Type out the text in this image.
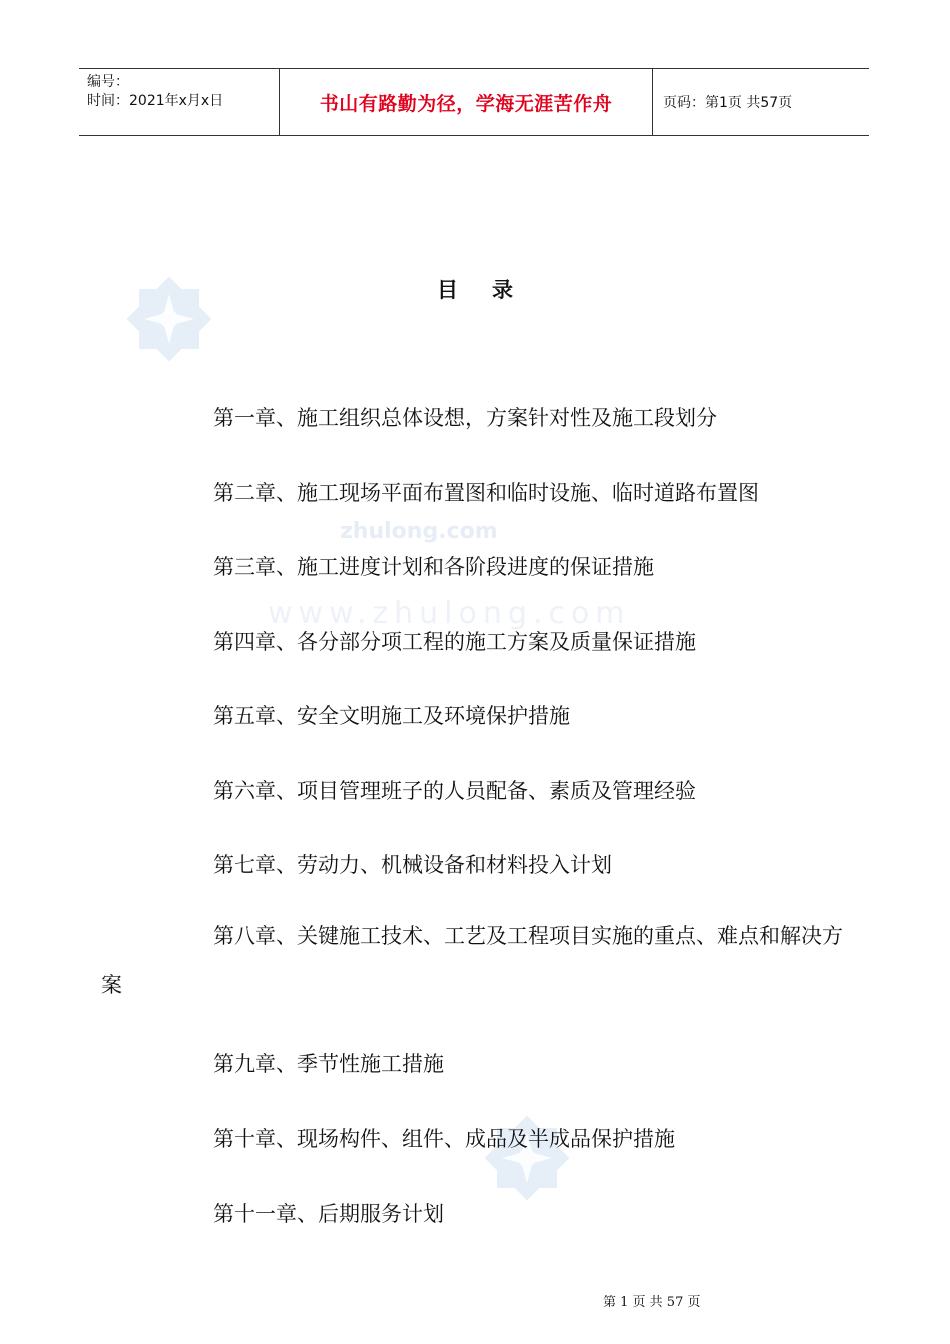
编号：
时间：2021年x月x日	书山有路勤为径，学海无涯苦作舟	页码：第1页 共57页
zhulong.com
www.zhulong.com
目录
第一章、施工组织总体设想，方案针对性及施工段划分
第二章、施工现场平面布置图和临时设施、临时道路布置图
第三章、施工进度计划和各阶段进度的保证措施
第四章、各分部分项工程的施工方案及质量保证措施
第五章、安全文明施工及环境保护措施
第六章、项目管理班子的人员配备、素质及管理经验
第七章、劳动力、机械设备和材料投入计划
第八章、关键施工技术、工艺及工程项目实施的重点、难点和解决方案
第九章、季节性施工措施
第十章、现场构件、组件、成品及半成品保护措施
第十一章、后期服务计划
第 1 页 共 57 页
